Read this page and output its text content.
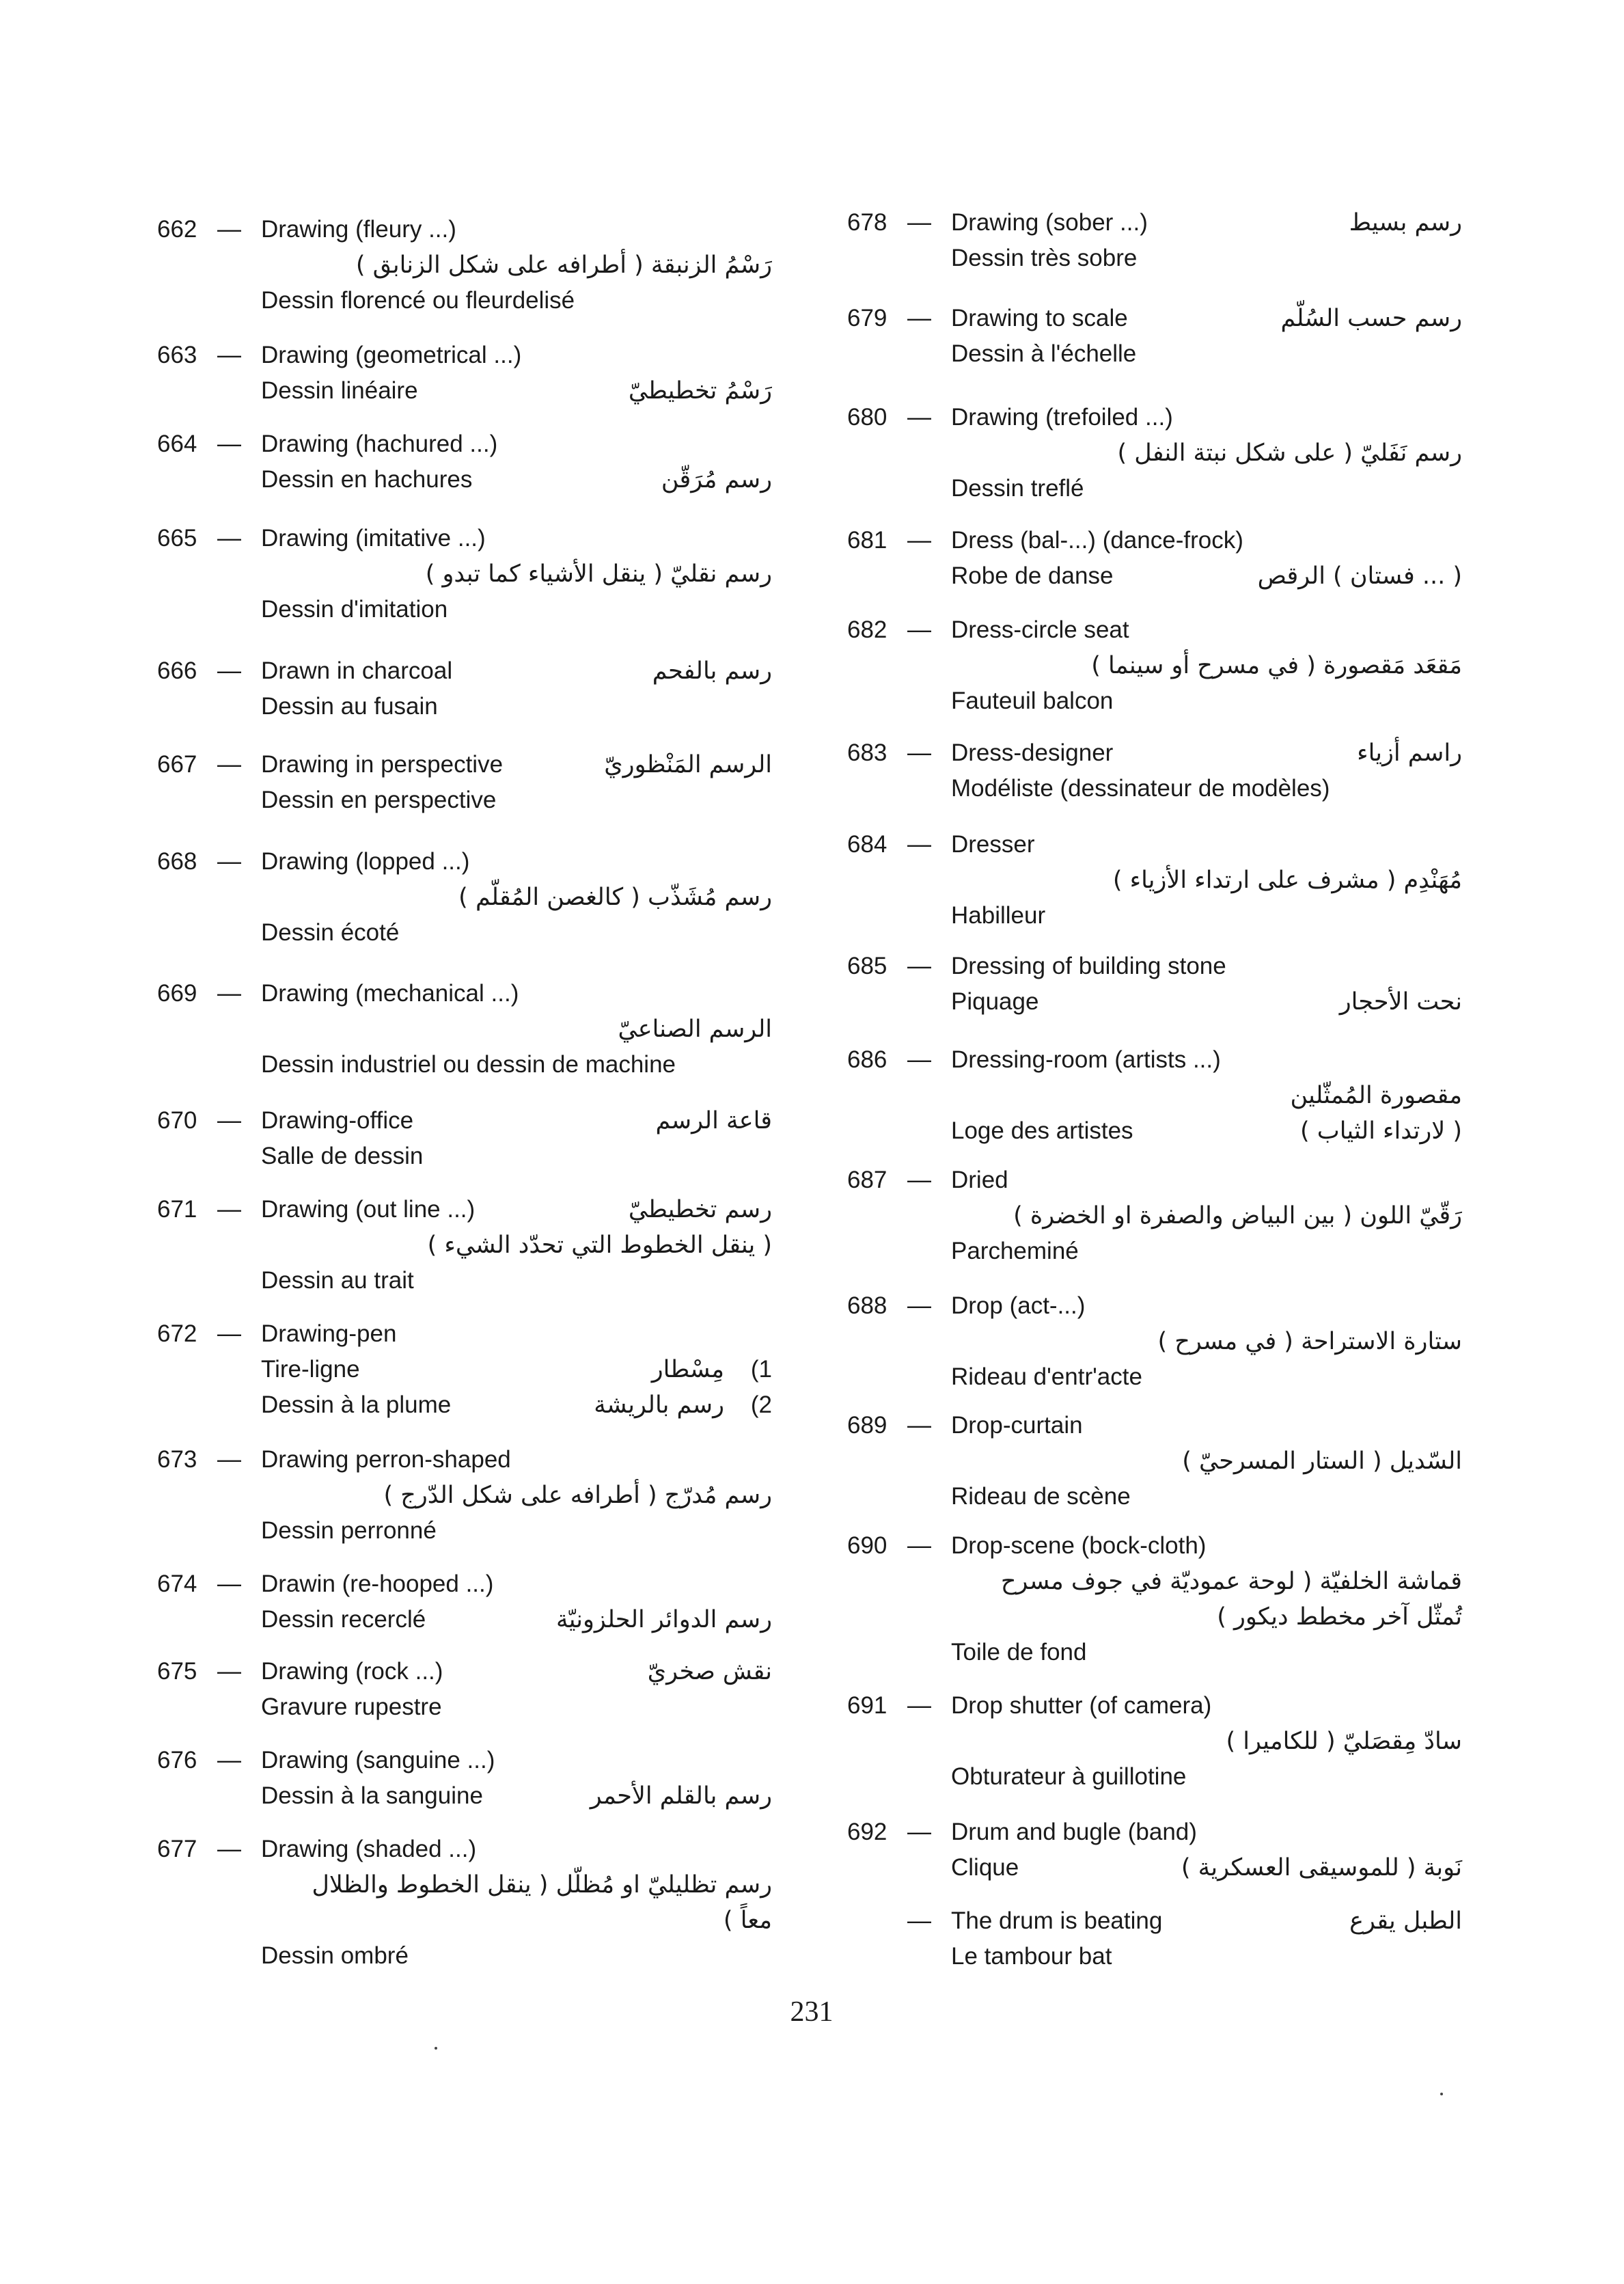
662 — Drawing (fleury ...)
رَسْمُ الزنبقة ( أطرافه على شكل الزنابق )
Dessin florencé ou fleurdelisé
663 — Drawing (geometrical ...)
Dessin linéaire	رَسْمُ تخطيطيّ
664 — Drawing (hachured ...)
Dessin en hachures	رسم مُرَقّن
665 — Drawing (imitative ...)
رسم نقليّ ( ينقل الأشياء كما تبدو )
Dessin d'imitation
666 — Drawn in charcoal	رسم بالفحم
Dessin au fusain
667 — Drawing in perspective	الرسم المَنْظوريّ
Dessin en perspective
668 — Drawing (lopped ...)
رسم مُشَذّب ( كالغصن المُقلّم )
Dessin écoté
669 — Drawing (mechanical ...)
الرسم الصناعيّ
Dessin industriel ou dessin de machine
670 — Drawing-office	قاعة الرسم
Salle de dessin
671 — Drawing (out line ...)	رسم تخطيطيّ
( ينقل الخطوط التي تحدّد الشيء )
Dessin au trait
672 — Drawing-pen
Tire-ligne	مِسْطار (1
Dessin à la plume	رسم بالريشة (2
673 — Drawing perron-shaped
رسم مُدرّج ( أطرافه على شكل الدّرج )
Dessin perronné
674 — Drawin (re-hooped ...)
Dessin recerclé	رسم الدوائر الحلزونيّة
675 — Drawing (rock ...)	نقش صخريّ
Gravure rupestre
676 — Drawing (sanguine ...)
Dessin à la sanguine	رسم بالقلم الأحمر
677 — Drawing (shaded ...)
رسم تظليليّ او مُظلّل ( ينقل الخطوط والظلال
معاً )
Dessin ombré
678 — Drawing (sober ...)	رسم بسيط
Dessin très sobre
679 — Drawing to scale	رسم حسب السُلّم
Dessin à l'échelle
680 — Drawing (trefoiled ...)
رسم نَفَليّ ( على شكل نبتة النفل )
Dessin treflé
681 — Dress (bal-...) (dance-frock)
Robe de danse	( ... فستان ) الرقص
682 — Dress-circle seat
مَقعَد مَقصورة ( في مسرح أو سينما )
Fauteuil balcon
683 — Dress-designer	راسم أزياء
Modéliste (dessinateur de modèles)
684 — Dresser
مُهَنْدِم ( مشرف على ارتداء الأزياء )
Habilleur
685 — Dressing of building stone
Piquage	نحت الأحجار
686 — Dressing-room (artists ...)
مقصورة المُمثّلين
Loge des artistes	( لارتداء الثياب )
687 — Dried
رَقّيّ اللون ( بين البياض والصفرة او الخضرة )
Parcheminé
688 — Drop (act-...)
ستارة الاستراحة ( في مسرح )
Rideau d'entr'acte
689 — Drop-curtain
السّديل ( الستار المسرحيّ )
Rideau de scène
690 — Drop-scene (bock-cloth)
قماشة الخلفيّة ( لوحة عموديّة في جوف مسرح
تُمثّل آخر مخطط ديكور )
Toile de fond
691 — Drop shutter (of camera)
سادّ مِقصَليّ ( للكاميرا )
Obturateur à guillotine
692 — Drum and bugle (band)
Clique	نَوبة ( للموسيقى العسكرية )
— The drum is beating	الطبل يقرع
Le tambour bat
231
